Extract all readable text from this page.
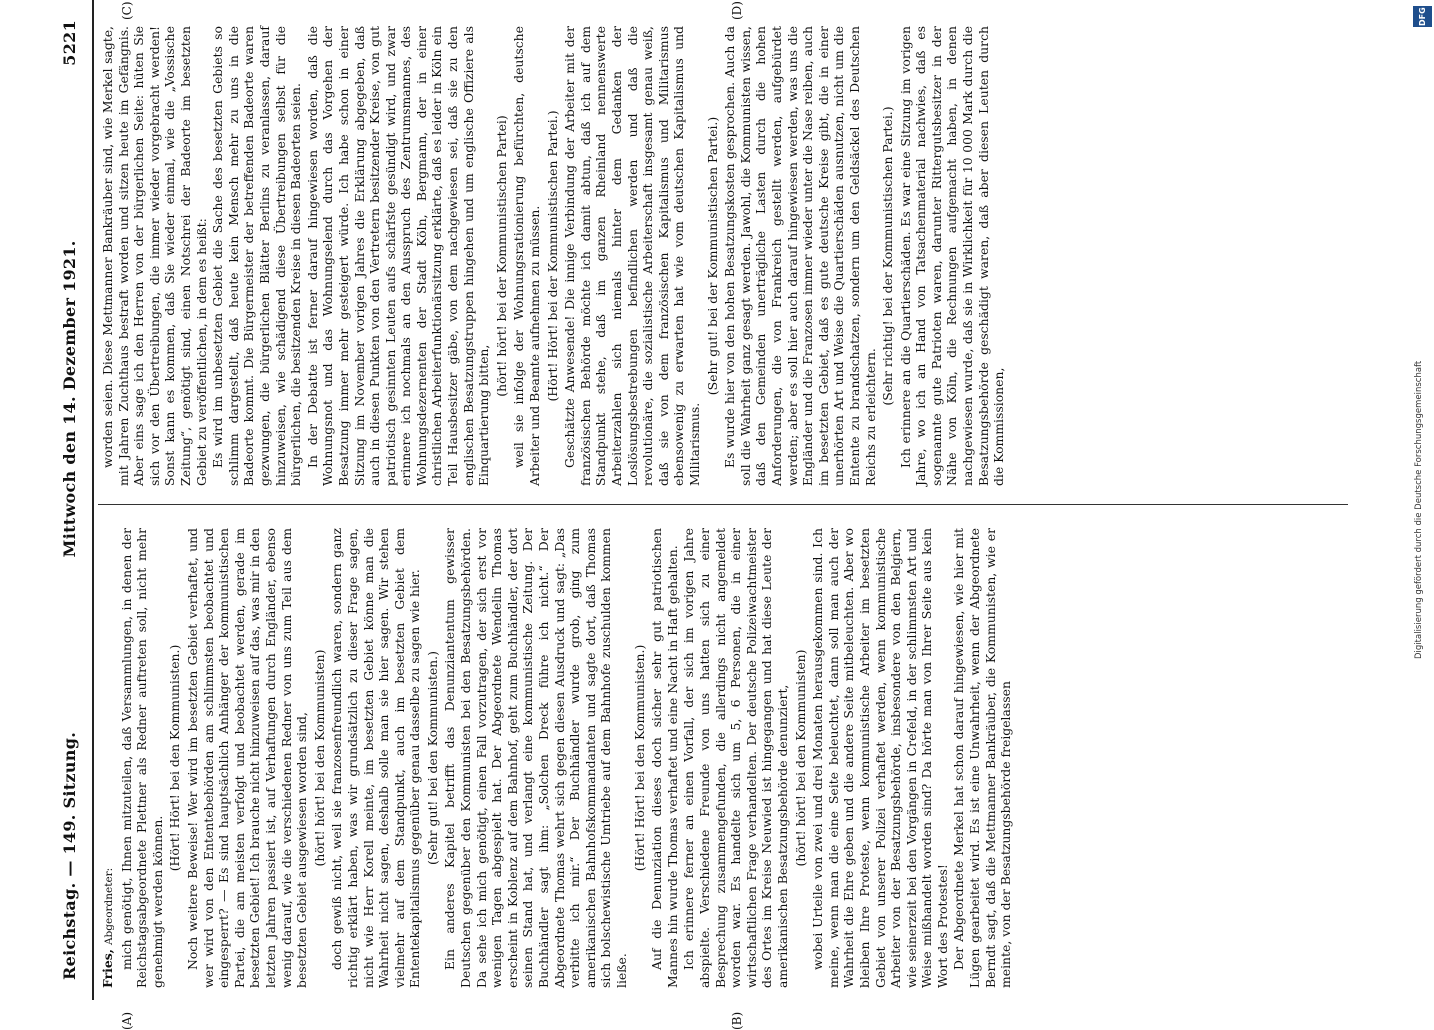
Reichstag. — 149. Sitzung.
Mittwoch den 14. Dezember 1921.
5221
(A)	(B)
(C)	(D)

Fries, Abgeordneter: mich genötigt, Ihnen mitzuteilen, daß Versammlungen, in denen der Reichstagsabgeordnete Plettner als Redner auftreten soll, nicht mehr genehmigt werden können.

(Hört! Hört! bei den Kommunisten.) Noch weitere Beweise! Wer wird im besetzten Gebiet verhaftet, und wer wird von den Ententebehörden am schlimmsten beobachtet und eingesperrt? — Es sind hauptsächlich Anhänger der kommunistischen Partei, die am meisten verfolgt und beobachtet werden, gerade im besetzten Gebiet! Ich brauche nicht hinzuweisen auf das, was mir in den letzten Jahren passiert ist, auf Verhaftungen durch Engländer, ebenso wenig darauf, wie die verschiedenen Redner von uns zum Teil aus dem besetzten Gebiet ausgewiesen worden sind, (hört! hört! bei den Kommunisten) doch gewiß nicht, weil sie franzosenfreundlich waren, sondern ganz richtig erklärt haben, was wir grundsätzlich zu dieser Frage sagen, nicht wie Herr Korell meinte, im besetzten Gebiet könne man die Wahrheit nicht sagen, deshalb solle man sie hier sagen. Wir stehen vielmehr auf dem Standpunkt, auch im besetzten Gebiet dem Ententekapitalismus gegenüber genau dasselbe zu sagen wie hier. (Sehr gut! bei den Kommunisten.) Ein anderes Kapitel betrifft das Denunziantentum gewisser Deutschen gegenüber den Kommunisten bei den Besatzungsbehörden. Da sehe ich mich genötigt, einen Fall vorzutragen, der sich erst vor wenigen Tagen abgespielt hat. Der Abgeordnete Wendelin Thomas erscheint in Koblenz auf dem Bahnhof, geht zum Buchhändler, der dort seinen Stand hat, und verlangt eine kommunistische Zeitung. Der Buchhändler sagt ihm: „Solchen Dreck führe ich nicht.“ Der Abgeordnete Thomas wehrt sich gegen diesen Ausdruck und sagt: „Das verbitte ich mir.“ Der Buchhändler wurde grob, ging zum amerikanischen Bahnhofskommandanten und sagte dort, daß Thomas sich bolschewistische Umtriebe auf dem Bahnhofe zuschulden kommen ließe.

(Hört! Hört! bei den Kommunisten.) Auf die Denunziation dieses doch sicher sehr gut patriotischen Mannes hin wurde Thomas verhaftet und eine Nacht in Haft gehalten. Ich erinnere ferner an einen Vorfall, der sich im vorigen Jahre abspielte. Verschiedene Freunde von uns hatten sich zu einer Besprechung zusammengefunden, die allerdings nicht angemeldet worden war. Es handelte sich um 5, 6 Personen, die in einer wirtschaftlichen Frage verhandelten. Der deutsche Polizeiwachtmeister des Ortes im Kreise Neuwied ist hingegangen und hat diese Leute der amerikanischen Besatzungsbehörde denunziert, (hört! hört! bei den Kommunisten) wobei Urteile von zwei und drei Monaten herausgekommen sind. Ich meine, wenn man die eine Seite beleuchtet, dann soll man auch der Wahrheit die Ehre geben und die andere Seite mitbeleuchten. Aber wo bleiben Ihre Proteste, wenn kommunistische Arbeiter im besetzten Gebiet von unserer Polizei verhaftet werden, wenn kommunistische Arbeiter von der Besatzungsbehörde, insbesondere von den Belgiern, wie seinerzeit bei den Vorgängen in Crefeld, in der schlimmsten Art und Weise mißhandelt worden sind? Da hörte man von Ihrer Seite aus kein Wort des Protestes! Der Abgeordnete Merkel hat schon darauf hingewiesen, wie hier mit Lügen gearbeitet wird. Es ist eine Unwahrheit, wenn der Abgeordnete Berndt sagt, daß die Mettmanner Bankräuber, die Kommunisten, wie er meinte, von der Besatzungsbehörde freigelassen

worden seien. Diese Mettmanner Bankräuber sind, wie Merkel sagte, mit Jahren Zuchthaus bestraft worden und sitzen heute im Gefängnis. Aber eins sage ich den Herren von der bürgerlichen Seite: hüten Sie sich vor den Übertreibungen, die immer wieder vorgebracht werden! Sonst kann es kommen, daß Sie wieder einmal, wie die „Vossische Zeitung“, genötigt sind, einen Notschrei der Badeorte im besetzten Gebiet zu veröffentlichen, in dem es heißt: Es wird im unbesetzten Gebiet die Sache des besetzten Gebiets so schlimm dargestellt, daß heute kein Mensch mehr zu uns in die Badeorte kommt. Die Bürgermeister der betreffenden Badeorte waren gezwungen, die bürgerlichen Blätter Berlins zu veranlassen, darauf hinzuweisen, wie schädigend diese Übertreibungen selbst für die bürgerlichen, die besitzenden Kreise in diesen Badeorten seien. In der Debatte ist ferner darauf hingewiesen worden, daß die Wohnungsnot und das Wohnungselend durch das Vorgehen der Besatzung immer mehr gesteigert würde. Ich habe schon in einer Sitzung im November vorigen Jahres die Erklärung abgegeben, daß auch in diesen Punkten von den Vertretern besitzender Kreise, von gut patriotisch gesinnten Leuten aufs schärfste gesündigt wird, und zwar erinnere ich nochmals an den Ausspruch des Zentrumsmannes, des Wohnungsdezernenten der Stadt Köln, Bergmann, der in einer christlichen Arbeiterfunktionärsitzung erklärte, daß es leider in Köln ein Teil Hausbesitzer gäbe, von dem nachgewiesen sei, daß sie zu den englischen Besatzungstruppen hingehen und um englische Offiziere als Einquartierung bitten,

(hört! hört! bei der Kommunistischen Partei) weil sie infolge der Wohnungsrationierung befürchten, deutsche Arbeiter und Beamte aufnehmen zu müssen. (Hört! Hört! bei der Kommunistischen Partei.) Geschätzte Anwesende! Die innige Verbindung der Arbeiter mit der französischen Behörde möchte ich damit abtun, daß ich auf dem Standpunkt stehe, daß im ganzen Rheinland nennenswerte Arbeiterzahlen sich niemals hinter dem Gedanken der Loslösungsbestrebungen befindlichen werden und daß die revolutionäre, die sozialistische Arbeiterschaft insgesamt genau weiß, daß sie von dem französischen Kapitalismus und Militarismus ebensowenig zu erwarten hat wie vom deutschen Kapitalismus und Militarismus.

(Sehr gut! bei der Kommunistischen Partei.) Es wurde hier von den hohen Besatzungskosten gesprochen. Auch da soll die Wahrheit ganz gesagt werden. Jawohl, die Kommunisten wissen, daß den Gemeinden unerträgliche Lasten durch die hohen Anforderungen, die von Frankreich gestellt werden, aufgebürdet werden; aber es soll hier auch darauf hingewiesen werden, was uns die Engländer und die Franzosen immer wieder unter die Nase reiben, auch im besetzten Gebiet, daß es gute deutsche Kreise gibt, die in einer unerhörten Art und Weise die Quartierschäden ausnutzen, nicht um die Entente zu brandschatzen, sondern um den Geldsäckel des Deutschen Reichs zu erleichtern.

(Sehr richtig! bei der Kommunistischen Partei.) Ich erinnere an die Quartierschäden. Es war eine Sitzung im vorigen Jahre, wo ich an Hand von Tatsachenmaterial nachwies, daß es sogenannte gute Patrioten waren, darunter Rittergutsbesitzer in der Nähe von Köln, die Rechnungen aufgemacht haben, in denen nachgewiesen wurde, daß sie in Wirklichkeit für 10 000 Mark durch die Besatzungsbehörde geschädigt waren, daß aber diesen Leuten durch die Kommissionen,

DFG
Digitalisierung gefördert durch die Deutsche Forschungsgemeinschaft
